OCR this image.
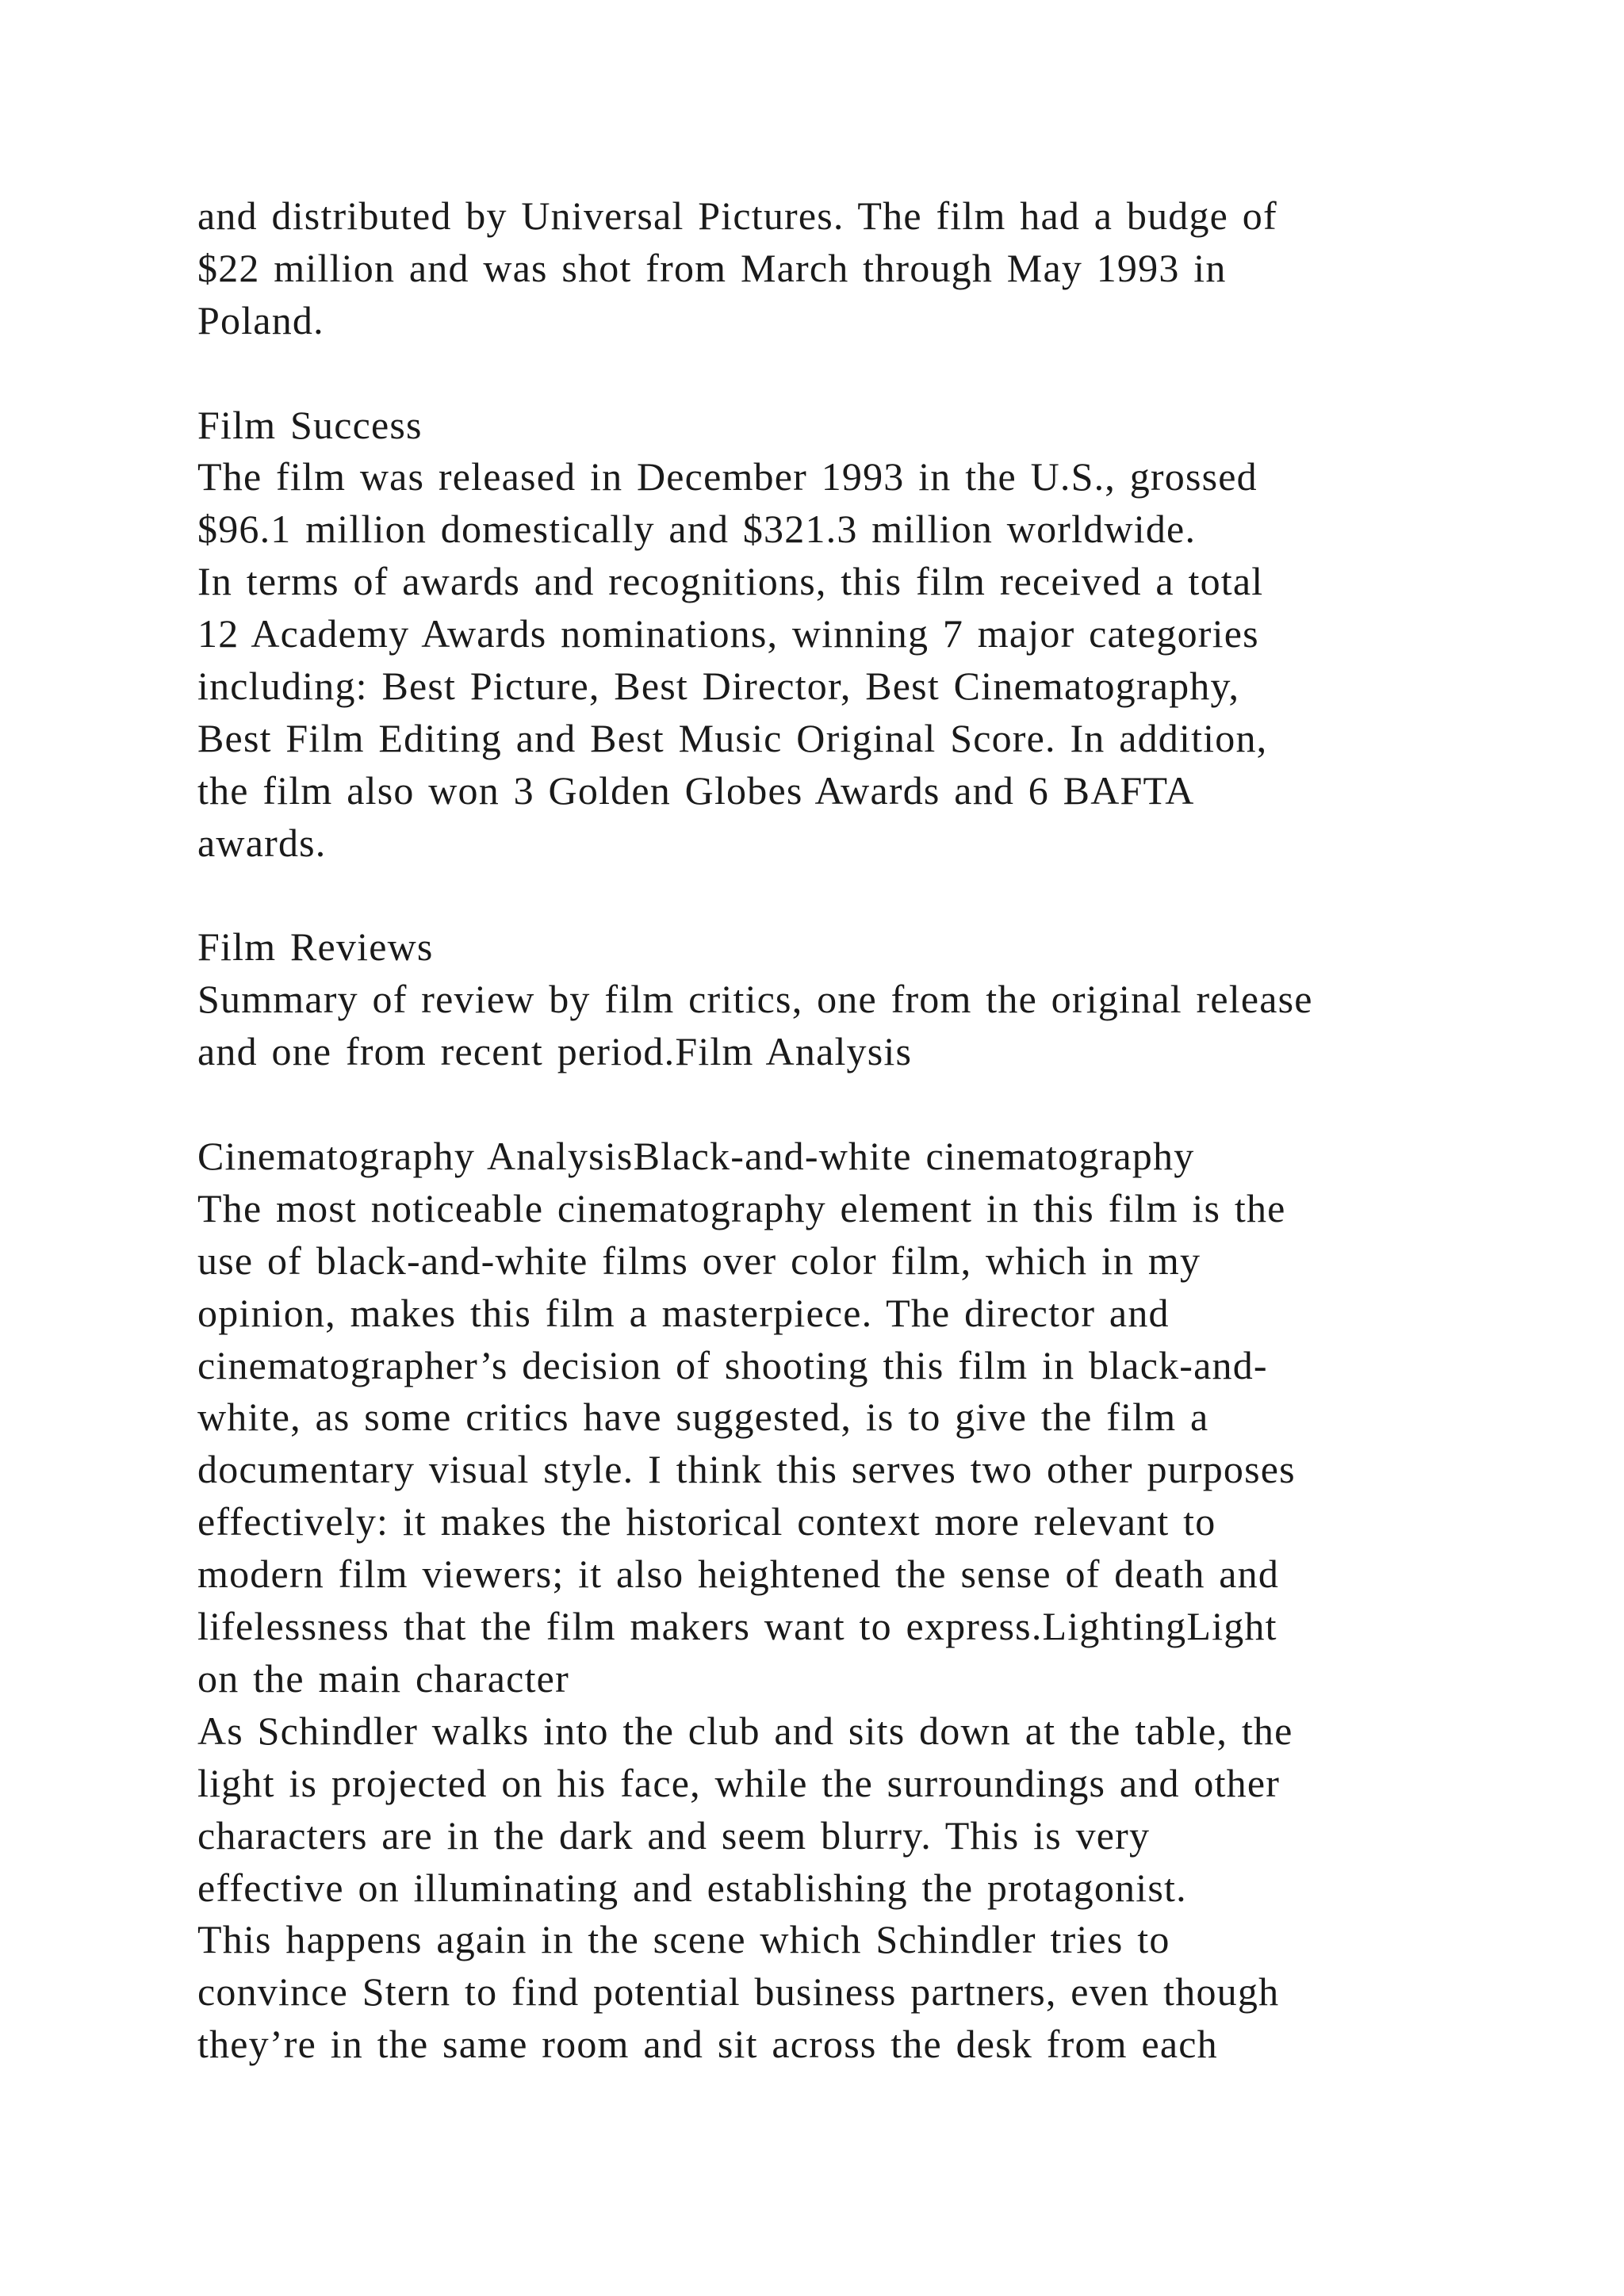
and distributed by Universal Pictures. The film had a budge of
$22 million and was shot from March through May 1993 in
Poland.
Film Success
The film was released in December 1993 in the U.S., grossed
$96.1 million domestically and $321.3 million worldwide.
In terms of awards and recognitions, this film received a total
12 Academy Awards nominations, winning 7 major categories
including: Best Picture, Best Director, Best Cinematography,
Best Film Editing and Best Music Original Score. In addition,
the film also won 3 Golden Globes Awards and 6 BAFTA
awards.
Film Reviews
Summary of review by film critics, one from the original release
and one from recent period.Film Analysis
Cinematography AnalysisBlack-and-white cinematography
The most noticeable cinematography element in this film is the
use of black-and-white films over color film, which in my
opinion, makes this film a masterpiece. The director and
cinematographer’s decision of shooting this film in black-and-
white, as some critics have suggested, is to give the film a
documentary visual style. I think this serves two other purposes
effectively: it makes the historical context more relevant to
modern film viewers; it also heightened the sense of death and
lifelessness that the film makers want to express.LightingLight
on the main character
As Schindler walks into the club and sits down at the table, the
light is projected on his face, while the surroundings and other
characters are in the dark and seem blurry. This is very
effective on illuminating and establishing the protagonist.
This happens again in the scene which Schindler tries to
convince Stern to find potential business partners, even though
they’re in the same room and sit across the desk from each
